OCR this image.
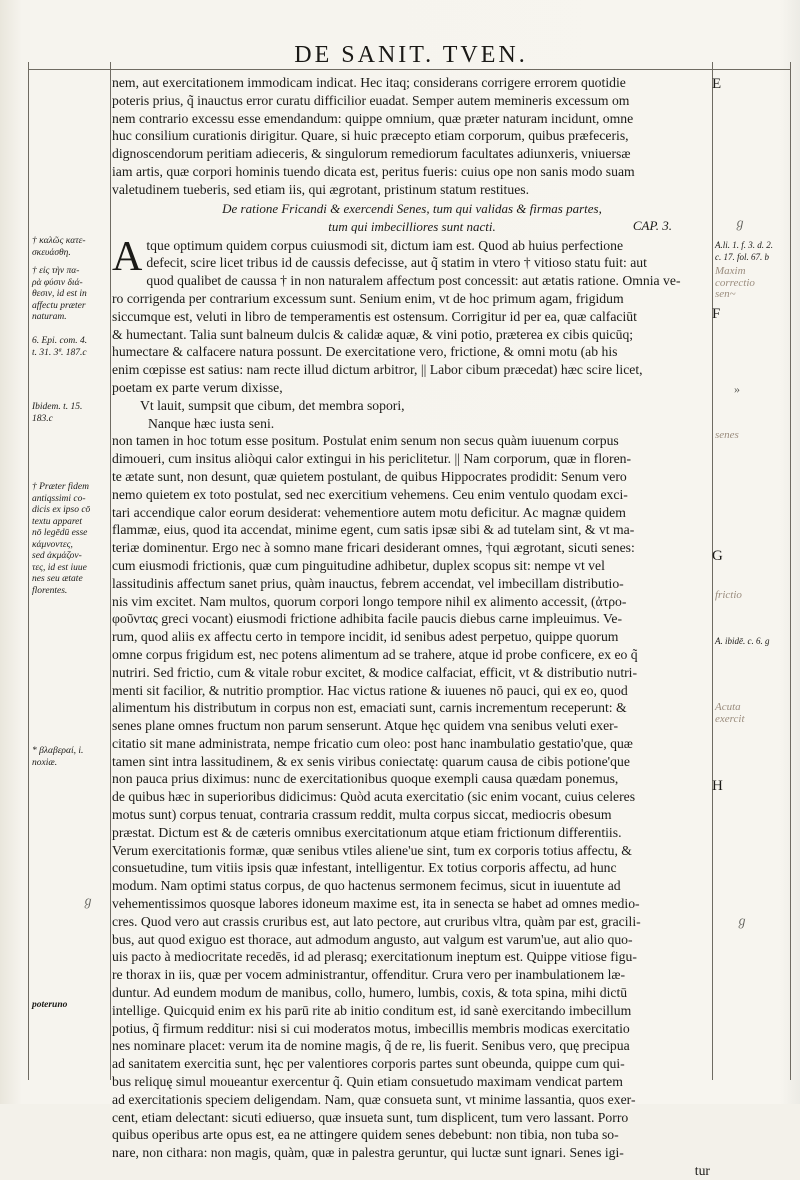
DE SANIT. TVEN.
E
F
G
H

nem, aut exercitationem immodicam indicat. Hec itaq; considerans corrigere errorem quotidie
poteris prius, q̃ inauctus error curatu difficilior euadat. Semper autem memineris excessum om
nem contrario excessu esse emendandum: quippe omnium, quæ præter naturam incidunt, omne
huc consilium curationis dirigitur. Quare, si huic præcepto etiam corporum, quibus præfeceris,
dignoscendorum peritiam adieceris, & singulorum remediorum facultates adiunxeris, vniuersæ
iam artis, quæ corpori hominis tuendo dicata est, peritus fueris: cuius ope non sanis modo suam
valetudinem tueberis, sed etiam iis, qui ægrotant, pristinum statum restitues.

De ratione Fricandi & exercendi Senes, tum qui validas & firmas partes,
tum qui imbecilliores sunt nacti.	CAP. 3.

A tque optimum quidem corpus cuiusmodi sit, dictum iam est. Quod ab huius perfectione
defecit, scire licet tribus id de caussis defecisse, aut q̃ statim in vtero † vitioso statu fuit: aut
quod qualibet de caussa † in non naturalem affectum post concessit: aut ætatis ratione. Omnia ve-
ro corrigenda per contrarium excessum sunt. Senium enim, vt de hoc primum agam, frigidum
siccumque est, veluti in libro de temperamentis est ostensum. Corrigitur id per ea, quæ calfaciūt
& humectant. Talia sunt balneum dulcis & calidæ aquæ, & vini potio, præterea ex cibis quicūq;
humectare & calfacere natura possunt. De exercitatione vero, frictione, & omni motu (ab his
enim cœpisse est satius: nam recte illud dictum arbitror, || Labor cibum præcedat) hæc scire licet,
poetam ex parte verum dixisse,

Vt lauit, sumpsit que cibum, det membra sopori,
Nanque hæc iusta seni.

non tamen in hoc totum esse positum. Postulat enim senum non secus quàm iuuenum corpus
dimoueri, cum insitus aliòqui calor extingui in his periclitetur. || Nam corporum, quæ in floren-
te ætate sunt, non desunt, quæ quietem postulant, de quibus Hippocrates prodidit: Senum vero
nemo quietem ex toto postulat, sed nec exercitium vehemens. Ceu enim ventulo quodam exci-
tari accendique calor eorum desiderat: vehementiore autem motu deficitur. Ac magnæ quidem
flammæ, eius, quod ita accendat, minime egent, cum satis ipsæ sibi & ad tutelam sint, & vt ma-
teriæ dominentur. Ergo nec à somno mane fricari desiderant omnes, †qui ægrotant, sicuti senes:
cum eiusmodi frictionis, quæ cum pinguitudine adhibetur, duplex scopus sit: nempe vt vel
lassitudinis affectum sanet prius, quàm inauctus, febrem accendat, vel imbecillam distributio-
nis vim excitet. Nam multos, quorum corpori longo tempore nihil ex alimento accessit, (ἀτρο-
φοῦντας greci vocant) eiusmodi frictione adhibita facile paucis diebus carne impleuimus. Ve-
rum, quod aliis ex affectu certo in tempore incidit, id senibus adest perpetuo, quippe quorum
omne corpus frigidum est, nec potens alimentum ad se trahere, atque id probe conficere, ex eo q̃
nutriri. Sed frictio, cum & vitale robur excitet, & modice calfaciat, efficit, vt & distributio nutri-
menti sit facilior, & nutritio promptior. Hac victus ratione & iuuenes nō pauci, qui ex eo, quod
alimentum his distributum in corpus non est, emaciati sunt, carnis incrementum receperunt: &
senes plane omnes fructum non parum senserunt. Atque hęc quidem vna senibus veluti exer-
citatio sit mane administrata, nempe fricatio cum oleo: post hanc inambulatio gestatio'que, quæ
tamen sint intra lassitudinem, & ex senis viribus coniectatę: quarum causa de cibis potione'que
non pauca prius diximus: nunc de exercitationibus quoque exempli causa quædam ponemus,
de quibus hæc in superioribus didicimus: Quòd acuta exercitatio (sic enim vocant, cuius celeres
motus sunt) corpus tenuat, contraria crassum reddit, multa corpus siccat, mediocris obesum
præstat. Dictum est & de cæteris omnibus exercitationum atque etiam frictionum differentiis.
Verum exercitationis formæ, quæ senibus vtiles aliene'ue sint, tum ex corporis totius affectu, &
consuetudine, tum vitiis ipsis quæ infestant, intelligentur. Ex totius corporis affectu, ad hunc
modum. Nam optimi status corpus, de quo hactenus sermonem fecimus, sicut in iuuentute ad
vehementissimos quosque labores idoneum maxime est, ita in senecta se habet ad omnes medio-
cres. Quod vero aut crassis cruribus est, aut lato pectore, aut cruribus vltra, quàm par est, gracili-
bus, aut quod exiguo est thorace, aut admodum angusto, aut valgum est varum'ue, aut alio quo-
uis pacto à mediocritate recedēs, id ad plerasq; exercitationum ineptum est. Quippe vitiose figu-
re thorax in iis, quæ per vocem administrantur, offenditur. Crura vero per inambulationem læ-
duntur. Ad eundem modum de manibus, collo, humero, lumbis, coxis, & tota spina, mihi dictū
intellige. Quicquid enim ex his parū rite ab initio conditum est, id sanè exercitando imbecillum
potius, q̃ firmum redditur: nisi si cui moderatos motus, imbecillis membris modicas exercitatio
nes nominare placet: verum ita de nomine magis, q̃ de re, lis fuerit. Senibus vero, quę precipua
ad sanitatem exercitia sunt, hęc per valentiores corporis partes sunt obeunda, quippe cum qui-
bus reliquę simul moueantur exercentur q̃. Quin etiam consuetudo maximam vendicat partem
ad exercitationis speciem deligendam. Nam, quæ consueta sunt, vt minime lassantia, quos exer-
cent, etiam delectant: sicuti ediuerso, quæ insueta sunt, tum displicent, tum vero lassant. Porro
quibus operibus arte opus est, ea ne attingere quidem senes debebunt: non tibia, non tuba so-
nare, non cithara: non magis, quàm, quæ in palestra geruntur, qui luctæ sunt ignari. Senes igi-

tur
† καλῶς κατε-
σκευάσθη.
† εἰς τὴν πα-
ρὰ φύσιν διά-
θεσιν, id est in
affectu præter
naturam.
6. Epi. com. 4.
t. 31. 3ª. 187.c
Ibidem. t. 15.
183.c
† Præter fidem
antiqssimi co-
dicis ex ipso cō
textu apparet
nō legēdū esse
κάμνοντες,
sed ἀκμάζον-
τες, id est iuue
nes seu ætate
florentes.
* βλαβεραί, i.
noxiæ.
poteruno
A.li. 1. f. 3. d. 2.
c. 17. fol. 67. b
Maxim
correctio
sen~
senes
frictio
A. ibidē. c. 6. g
Acuta
exercit
ℊ
»
ℊ
ℊ
